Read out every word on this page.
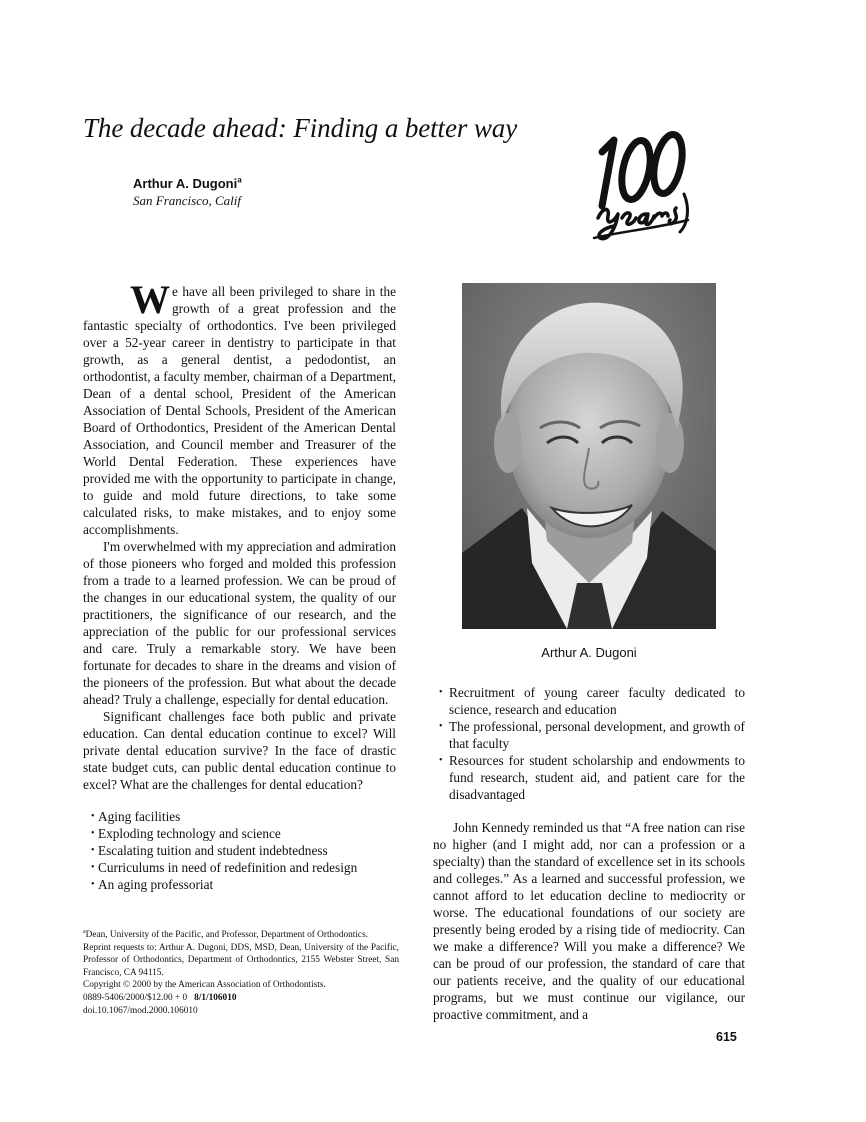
The decade ahead: Finding a better way
Arthur A. Dugoni$^a$
San Francisco, Calif

We have all been privileged to share in the growth of a great profession and the fantastic specialty of orthodontics. I've been privileged over a 52-year career in dentistry to participate in that growth, as a general dentist, a pedodontist, an orthodontist, a faculty member, chairman of a Department, Dean of a dental school, President of the American Association of Dental Schools, President of the American Board of Orthodontics, President of the American Dental Association, and Council member and Treasurer of the World Dental Federation. These experiences have provided me with the opportunity to participate in change, to guide and mold future directions, to take some calculated risks, to make mistakes, and to enjoy some accomplishments.

I'm overwhelmed with my appreciation and admiration of those pioneers who forged and molded this profession from a trade to a learned profession. We can be proud of the changes in our educational system, the quality of our practitioners, the significance of our research, and the appreciation of the public for our professional services and care. Truly a remarkable story. We have been fortunate for decades to share in the dreams and vision of the pioneers of the profession. But what about the decade ahead? Truly a challenge, especially for dental education.

Significant challenges face both public and private education. Can dental education continue to excel? Will private dental education survive? In the face of drastic state budget cuts, can public dental education continue to excel? What are the challenges for dental education?

• Aging facilities
• Exploding technology and science
• Escalating tuition and student indebtedness
• Curriculums in need of redefinition and redesign
• An aging professoriat
Arthur A. Dugoni
• Recruitment of young career faculty dedicated to science, research and education
• The professional, personal development, and growth of that faculty
• Resources for student scholarship and endowments to fund research, student aid, and patient care for the disadvantaged

John Kennedy reminded us that “A free nation can rise no higher (and I might add, nor can a profession or a specialty) than the standard of excellence set in its schools and colleges.” As a learned and successful profession, we cannot afford to let education decline to mediocrity or worse. The educational foundations of our society are presently being eroded by a rising tide of mediocrity. Can we make a difference? Will you make a difference? We can be proud of our profession, the standard of care that our patients receive, and the quality of our educational programs, but we must continue our vigilance, our proactive commitment, and a

$^a$Dean, University of the Pacific, and Professor, Department of Orthodontics.

Reprint requests to: Arthur A. Dugoni, DDS, MSD, Dean, University of the Pacific, Professor of Orthodontics, Department of Orthodontics, 2155 Webster Street, San Francisco, CA 94115.

Copyright © 2000 by the American Association of Orthodontists.

0889-5406/2000/$12.00 + 0 8/1/106010

doi.10.1067/mod.2000.106010

615
